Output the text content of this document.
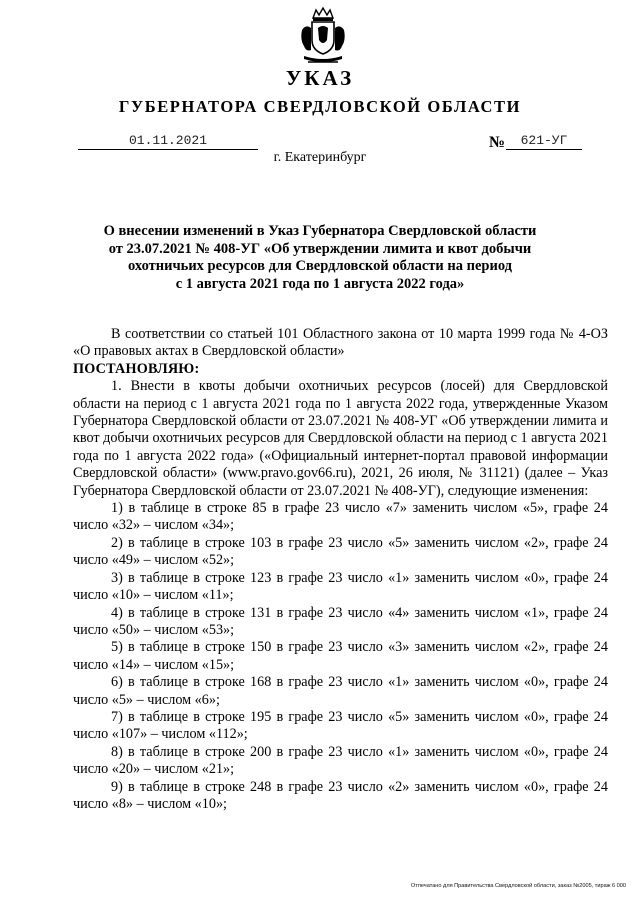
УКАЗ
ГУБЕРНАТОРА СВЕРДЛОВСКОЙ ОБЛАСТИ
01.11.2021	№	621-УГ
г. Екатеринбург
О внесении изменений в Указ Губернатора Свердловской области
от 23.07.2021 № 408-УГ «Об утверждении лимита и квот добычи
охотничьих ресурсов для Свердловской области на период
с 1 августа 2021 года по 1 августа 2022 года»

В соответствии со статьей 101 Областного закона от 10 марта 1999 года № 4-ОЗ «О правовых актах в Свердловской области»

ПОСТАНОВЛЯЮ:

1. Внести в квоты добычи охотничьих ресурсов (лосей) для Свердловской области на период с 1 августа 2021 года по 1 августа 2022 года, утвержденные Указом Губернатора Свердловской области от 23.07.2021 № 408-УГ «Об утверждении лимита и квот добычи охотничьих ресурсов для Свердловской области на период с 1 августа 2021 года по 1 августа 2022 года» («Официальный интернет-портал правовой информации Свердловской области» (www.pravo.gov66.ru), 2021, 26 июля, № 31121) (далее – Указ Губернатора Свердловской области от 23.07.2021 № 408-УГ), следующие изменения:

1) в таблице в строке 85 в графе 23 число «7» заменить числом «5», графе 24 число «32» – числом «34»;

2) в таблице в строке 103 в графе 23 число «5» заменить числом «2», графе 24 число «49» – числом «52»;

3) в таблице в строке 123 в графе 23 число «1» заменить числом «0», графе 24 число «10» – числом «11»;

4) в таблице в строке 131 в графе 23 число «4» заменить числом «1», графе 24 число «50» – числом «53»;

5) в таблице в строке 150 в графе 23 число «3» заменить числом «2», графе 24 число «14» – числом «15»;

6) в таблице в строке 168 в графе 23 число «1» заменить числом «0», графе 24 число «5» – числом «6»;

7) в таблице в строке 195 в графе 23 число «5» заменить числом «0», графе 24 число «107» – числом «112»;

8) в таблице в строке 200 в графе 23 число «1» заменить числом «0», графе 24 число «20» – числом «21»;

9) в таблице в строке 248 в графе 23 число «2» заменить числом «0», графе 24 число «8» – числом «10»;

Отпечатано для Правительства Свердловской области, заказ №2005, тираж 6 000
